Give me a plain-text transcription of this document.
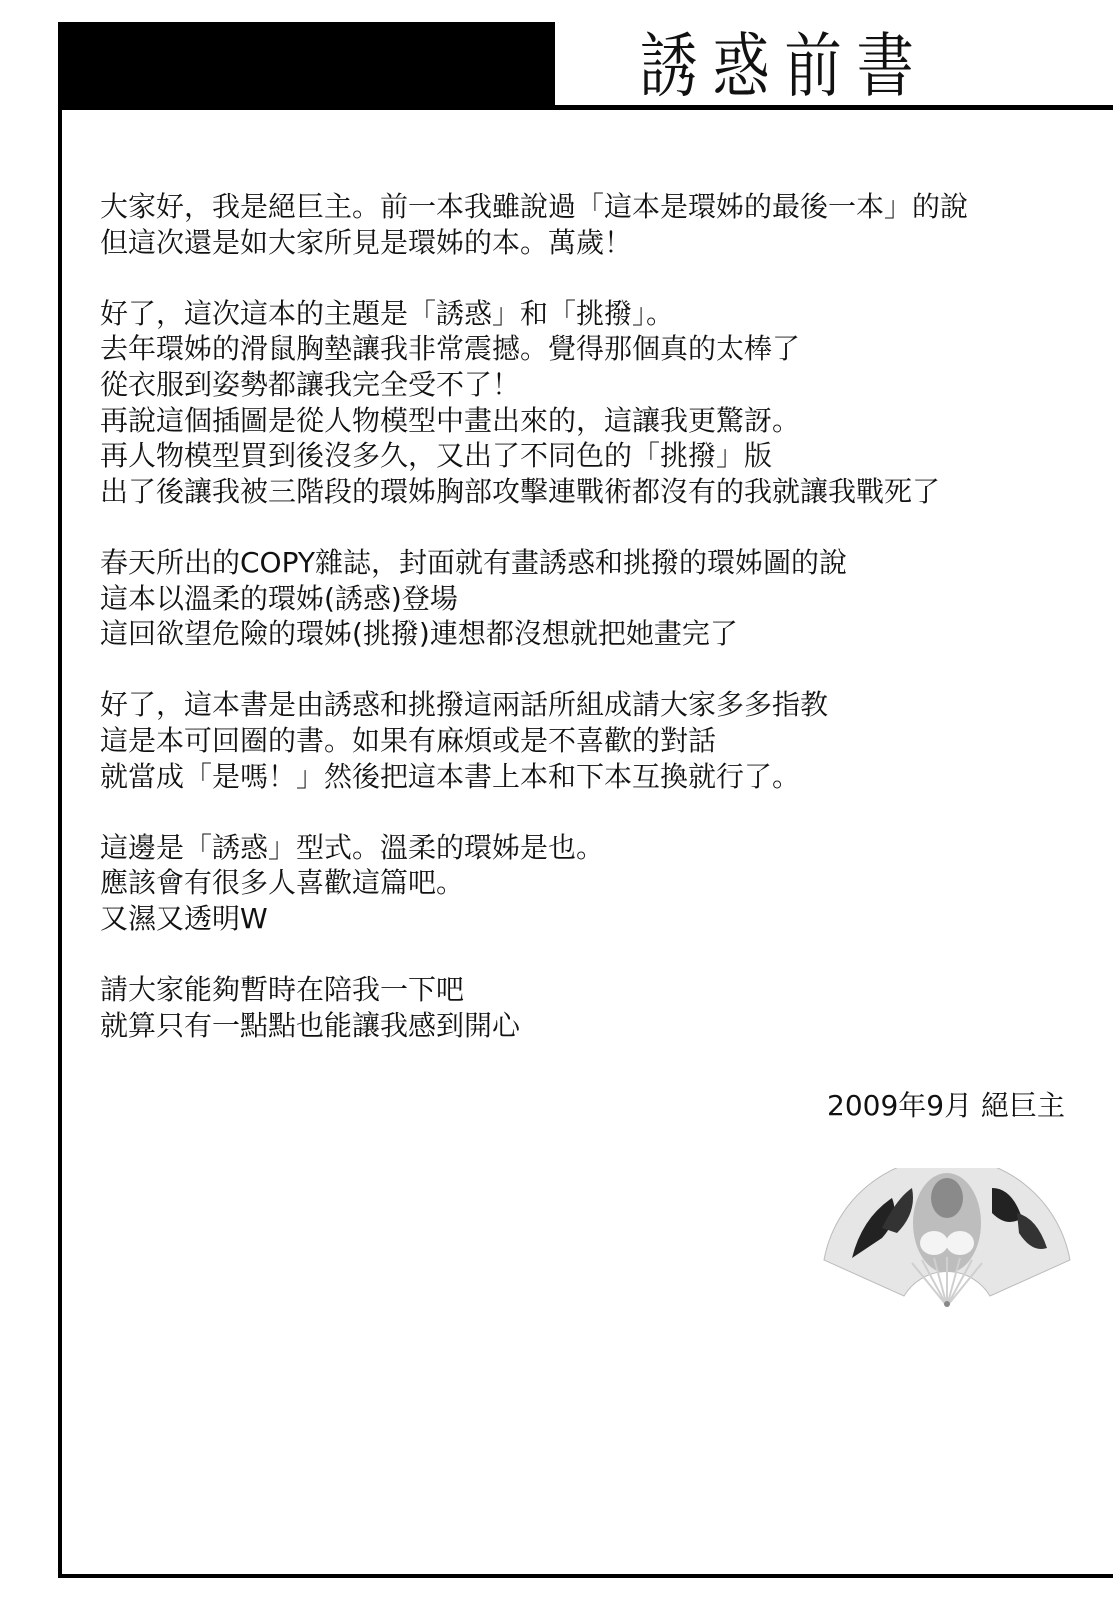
誘惑前書
大家好，我是絕巨主。前一本我雖說過「這本是環姊的最後一本」的說
但這次還是如大家所見是環姊的本。萬歲！
好了，這次這本的主題是「誘惑」和「挑撥」。
去年環姊的滑鼠胸墊讓我非常震撼。覺得那個真的太棒了
從衣服到姿勢都讓我完全受不了！
再說這個插圖是從人物模型中畫出來的，這讓我更驚訝。
再人物模型買到後沒多久，又出了不同色的「挑撥」版
出了後讓我被三階段的環姊胸部攻擊連戰術都沒有的我就讓我戰死了
春天所出的COPY雜誌，封面就有畫誘惑和挑撥的環姊圖的說
這本以溫柔的環姊(誘惑)登場
這回欲望危險的環姊(挑撥)連想都沒想就把她畫完了
好了，這本書是由誘惑和挑撥這兩話所組成請大家多多指教
這是本可回圈的書。如果有麻煩或是不喜歡的對話
就當成「是嗎！」然後把這本書上本和下本互換就行了。
這邊是「誘惑」型式。溫柔的環姊是也。
應該會有很多人喜歡這篇吧。
又濕又透明W
請大家能夠暫時在陪我一下吧
就算只有一點點也能讓我感到開心
2009年9月 絕巨主
